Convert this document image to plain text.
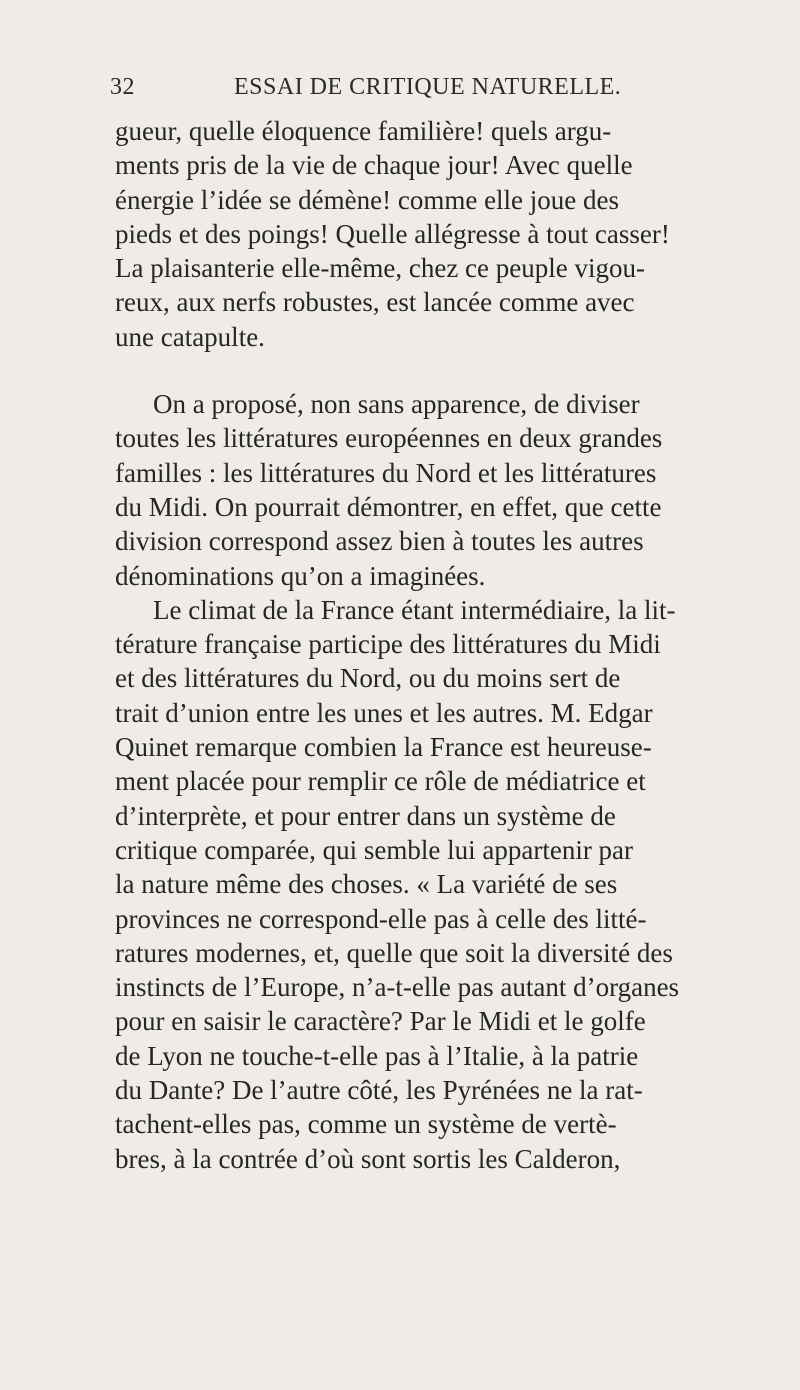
32	ESSAI DE CRITIQUE NATURELLE.
gueur, quelle éloquence familière! quels argu-
ments pris de la vie de chaque jour! Avec quelle
énergie l’idée se démène! comme elle joue des
pieds et des poings! Quelle allégresse à tout casser!
La plaisanterie elle-même, chez ce peuple vigou-
reux, aux nerfs robustes, est lancée comme avec
une catapulte.
On a proposé, non sans apparence, de diviser
toutes les littératures européennes en deux grandes
familles : les littératures du Nord et les littératures
du Midi. On pourrait démontrer, en effet, que cette
division correspond assez bien à toutes les autres
dénominations qu’on a imaginées.
Le climat de la France étant intermédiaire, la lit-
térature française participe des littératures du Midi
et des littératures du Nord, ou du moins sert de
trait d’union entre les unes et les autres. M. Edgar
Quinet remarque combien la France est heureuse-
ment placée pour remplir ce rôle de médiatrice et
d’interprète, et pour entrer dans un système de
critique comparée, qui semble lui appartenir par
la nature même des choses. « La variété de ses
provinces ne correspond-elle pas à celle des litté-
ratures modernes, et, quelle que soit la diversité des
instincts de l’Europe, n’a-t-elle pas autant d’organes
pour en saisir le caractère? Par le Midi et le golfe
de Lyon ne touche-t-elle pas à l’Italie, à la patrie
du Dante? De l’autre côté, les Pyrénées ne la rat-
tachent-elles pas, comme un système de vertè-
bres, à la contrée d’où sont sortis les Calderon,
